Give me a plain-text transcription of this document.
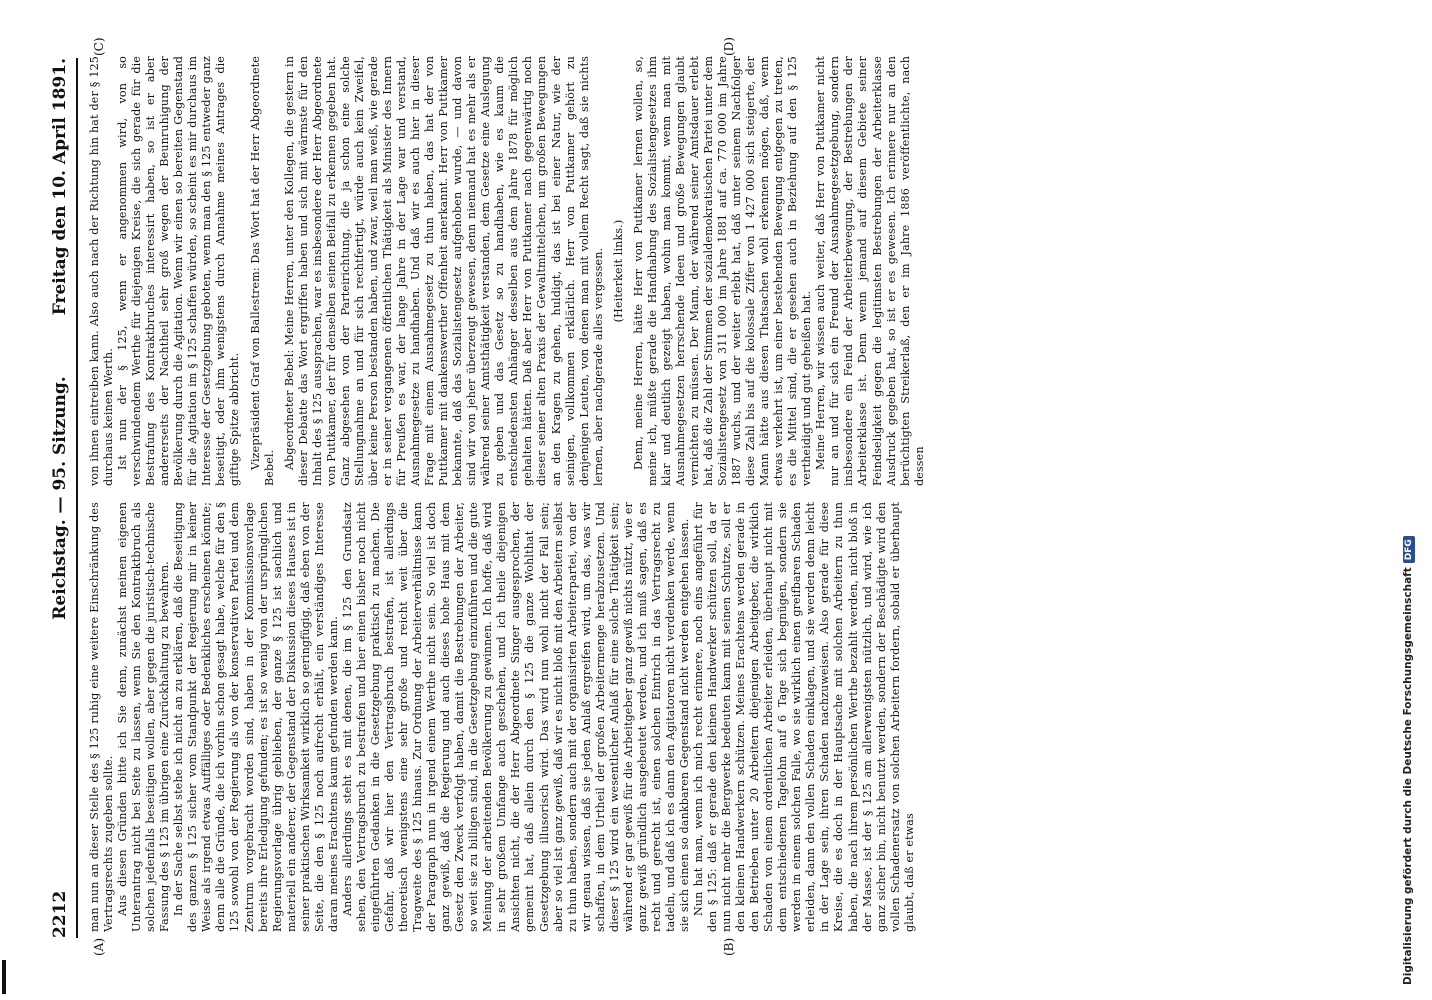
2212
Reichstag. — 95. Sitzung.
Freitag den 10. April 1891.
(A)	(B)
(C)	(D)

man nun an dieser Stelle des § 125 ruhig eine weitere Einschränkung des Vertragsrechts zugeben sollte. Aus diesen Gründen bitte ich Sie denn, zunächst meinen eigenen Unterantrag nicht bei Seite zu lassen, wenn Sie den Kontraktbruch als solchen jedenfalls beseitigen wollen, aber gegen die juristisch-technische Fassung des § 125 im übrigen eine Zurückhaltung zu bewahren. In der Sache selbst stehe ich nicht an zu erklären, daß die Beseitigung des ganzen § 125 sicher vom Standpunkt der Regierung mir in keiner Weise als irgend etwas Auffälliges oder Bedenkliches erscheinen könnte; denn alle die Gründe, die ich vorhin schon gesagt habe, welche für den § 125 sowohl von der Regierung als von der konservativen Partei und dem Zentrum vorgebracht worden sind, haben in der Kommissionsvorlage bereits ihre Erledigung gefunden; es ist so wenig von der ursprünglichen Regierungsvorlage übrig geblieben, der ganze § 125 ist sachlich und materiell ein anderer, der Gegenstand der Diskussion dieses Hauses ist in seiner praktischen Wirksamkeit wirklich so geringfügig, daß eben von der Seite, die den § 125 noch aufrecht erhält, ein verständiges Interesse daran meines Erachtens kaum gefunden werden kann. Anders allerdings steht es mit denen, die im § 125 den Grundsatz sehen, den Vertragsbruch zu bestrafen und hier einen bisher noch nicht eingeführten Gedanken in die Gesetzgebung praktisch zu machen. Die Gefahr, daß wir hier den Vertragsbruch bestrafen, ist allerdings theoretisch wenigstens eine sehr große und reicht weit über die Tragweite des § 125 hinaus. Zur Ordnung der Arbeiterverhältnisse kann der Paragraph nun in irgend einem Werthe nicht sein. So viel ist doch ganz gewiß, daß die Regierung und auch dieses hohe Haus mit dem Gesetz den Zweck verfolgt haben, damit die Bestrebungen der Arbeiter, so weit sie zu billigen sind, in die Gesetzgebung einzuführen und die gute Meinung der arbeitenden Bevölkerung zu gewinnen. Ich hoffe, daß wird in sehr großem Umfange auch geschehen, und ich theile diejenigen Ansichten nicht, die der Herr Abgeordnete Singer ausgesprochen, der gemeint hat, daß allein durch den § 125 die ganze Wohlthat der Gesetzgebung illusorisch wird. Das wird nun wohl nicht der Fall sein; aber so viel ist ganz gewiß, daß wir es nicht bloß mit den Arbeitern selbst zu thun haben, sondern auch mit der organisirten Arbeiterpartei, von der wir genau wissen, daß sie jeden Anlaß ergreifen wird, um das, was wir schaffen, in dem Urtheil der großen Arbeitermenge herabzusetzen. Und dieser § 125 wird ein wesentlicher Anlaß für eine solche Thätigkeit sein; während er gar gewiß für die Arbeitgeber ganz gewiß nichts nützt, wie er ganz gewiß gründlich ausgebeutet werden, und ich muß sagen, daß es recht und gerecht ist, einen solchen Eintrich in das Vertragsrecht zu tadeln, und daß ich es dann den Agitatoren nicht verdenken werde, wenn sie sich einen so dankbaren Gegenstand nicht werden entgehen lassen. Nun hat man, wenn ich mich recht erinnere, noch eins angeführt für den § 125: daß er gerade den kleinen Handwerker schützen soll, da er nun nicht mehr die Bergwerke bedeuten kann mit seinen Schutze, soll er den kleinen Handwerkern schützen. Meines Erachtens werden gerade in den Betrieben unter 20 Arbeitern diejenigen Arbeitgeber, die wirklich Schaden von einem ordentlichen Arbeiter erleiden, überhaupt nicht mit dem entschiedenen Tagelohn auf 6 Tage sich begnügen, sondern sie werden in einem solchen Falle, wo sie wirklich einen greifbaren Schaden erleiden, dann den vollen Schaden einklagen, und sie werden denn leicht in der Lage sein, ihren Schaden nachzuweisen. Also gerade für diese Kreise, die es doch in der Hauptsache mit solchen Arbeitern zu thun haben, die nach ihrem persönlichen Werthe bezahlt werden, nicht bloß in der Masse, ist der § 125 am allerwenigsten nützlich, und wird, wie ich ganz sicher bin, nicht benutzt werden, sondern der Beschädigte wird den vollen Schadenersatz von solchen Arbeitern fordern, sobald er überhaupt glaubt, daß er etwas

von ihnen eintreiben kann. Also auch nach der Richtung hin hat der § 125 durchaus keinen Werth. Ist nun der § 125, wenn er angenommen wird, von so verschwindendem Werthe für diejenigen Kreise, die sich gerade für die Bestrafung des Kontraktbruches interessirt haben, so ist er aber andererseits der Nachtheil sehr groß wegen der Beunruhigung der Bevölkerung durch die Agitation. Wenn wir einen so bereiten Gegenstand für die Agitation im § 125 schaffen würden, so scheint es mir durchaus im Interesse der Gesetzgebung geboten, wenn man den § 125 entweder ganz beseitigt, oder ihm wenigstens durch Annahme meines Antrages die giftige Spitze abbricht. Vizepräsident Graf von Ballestrem: Das Wort hat der Herr Abgeordnete Bebel. Abgeordneter Bebel: Meine Herren, unter den Kollegen, die gestern in dieser Debatte das Wort ergriffen haben und sich mit wärmste für den Inhalt des § 125 aussprachen, war es insbesondere der Herr Abgeordnete von Puttkamer, der für denselben seinen Beifall zu erkennen gegeben hat. Ganz abgesehen von der Parteirichtung, die ja schon eine solche Stellungnahme an und für sich rechtfertigt, würde auch kein Zweifel, über keine Person bestanden haben, und zwar, weil man weiß, wie gerade er in seiner vergangenen öffentlichen Thätigkeit als Minister des Innern für Preußen es war, der lange Jahre in der Lage war und verstand, Ausnahmegesetze zu handhaben. Und daß wir es auch hier in dieser Frage mit einem Ausnahmegesetz zu thun haben, das hat der von Puttkamer mit dankenswerther Offenheit anerkannt. Herr von Puttkamer bekannte, daß das Sozialistengesetz aufgehoben wurde, — und davon sind wir von jeher überzeugt gewesen, denn niemand hat es mehr als er während seiner Amtsthätigkeit verstanden, dem Gesetze eine Auslegung zu geben und das Gesetz so zu handhaben, wie es kaum die entschiedensten Anhänger desselben aus dem Jahre 1878 für möglich gehalten hätten. Daß aber Herr von Puttkamer nach gegenwärtig noch dieser seiner alten Praxis der Gewaltmittelchen, um großen Bewegungen an den Kragen zu gehen, huldigt, das ist bei einer Natur, wie der seinigen, vollkommen erklärlich. Herr von Puttkamer gehört zu denjenigen Leuten, von denen man mit vollem Recht sagt, daß sie nichts lernen, aber nachgerade alles vergessen. (Heiterkeit links.) Denn, meine Herren, hätte Herr von Puttkamer lernen wollen, so, meine ich, müßte gerade die Handhabung des Sozialistengesetzes ihm klar und deutlich gezeigt haben, wohin man kommt, wenn man mit Ausnahmegesetzen herrschende Ideen und große Bewegungen glaubt vernichten zu müssen. Der Mann, der während seiner Amtsdauer erlebt hat, daß die Zahl der Stimmen der sozialdemokratischen Partei unter dem Sozialistengesetz von 311 000 im Jahre 1881 auf ca. 770 000 im Jahre 1887 wuchs, und der weiter erlebt hat, daß unter seinem Nachfolger diese Zahl bis auf die kolossale Ziffer von 1 427 000 sich steigerte, der Mann hätte aus diesen Thatsachen wohl erkennen mögen, daß, wenn etwas verkehrt ist, um einer bestehenden Bewegung entgegen zu treten, es die Mittel sind, die er gesehen auch in Beziehung auf den § 125 vertheidigt und gut geheißen hat. Meine Herren, wir wissen auch weiter, daß Herr von Puttkamer nicht nur an und für sich ein Freund der Ausnahmegesetzgebung, sondern insbesondere ein Feind der Arbeiterbewegung, der Bestrebungen der Arbeiterklasse ist. Denn wenn jemand auf diesem Gebiete seiner Feindseligkeit gegen die legitimsten Bestrebungen der Arbeiterklasse Ausdruck gegeben hat, so ist er es gewesen. Ich erinnere nur an den berüchtigten Streikerlaß, den er im Jahre 1886 veröffentlichte, nach dessen

Digitalisierung gefördert durch die Deutsche ForschungsgemeinschaftDFG
